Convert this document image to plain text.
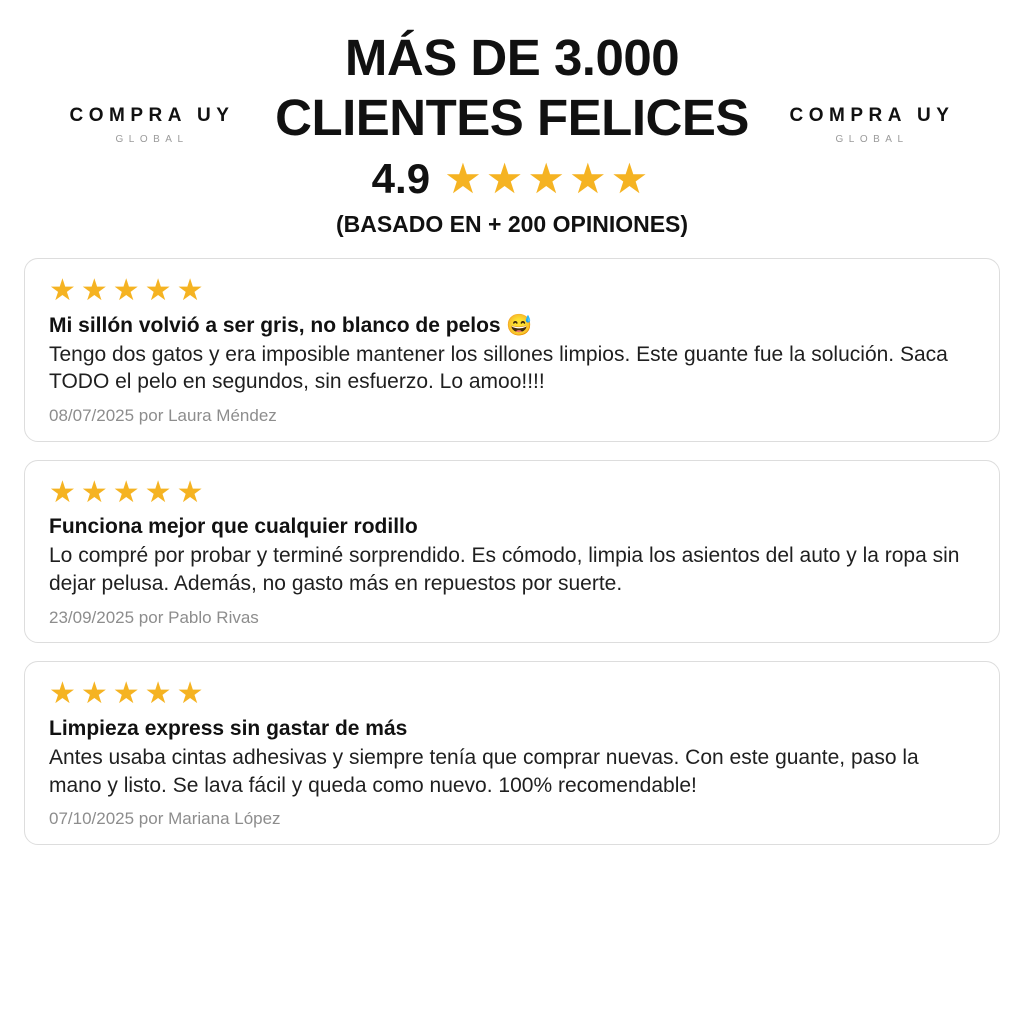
COMPRA UY
GLOBAL
COMPRA UY
GLOBAL
MÁS DE 3.000
CLIENTES FELICES
4.9 ★★★★★
(BASADO EN + 200 OPINIONES)
★★★★★
Mi sillón volvió a ser gris, no blanco de pelos 😅
Tengo dos gatos y era imposible mantener los sillones limpios. Este guante fue la solución. Saca TODO el pelo en segundos, sin esfuerzo. Lo amoo!!!!
08/07/2025 por Laura Méndez
★★★★★
Funciona mejor que cualquier rodillo
Lo compré por probar y terminé sorprendido. Es cómodo, limpia los asientos del auto y la ropa sin dejar pelusa. Además, no gasto más en repuestos por suerte.
23/09/2025 por Pablo Rivas
★★★★★
Limpieza express sin gastar de más
Antes usaba cintas adhesivas y siempre tenía que comprar nuevas. Con este guante, paso la mano y listo. Se lava fácil y queda como nuevo. 100% recomendable!
07/10/2025 por Mariana López
